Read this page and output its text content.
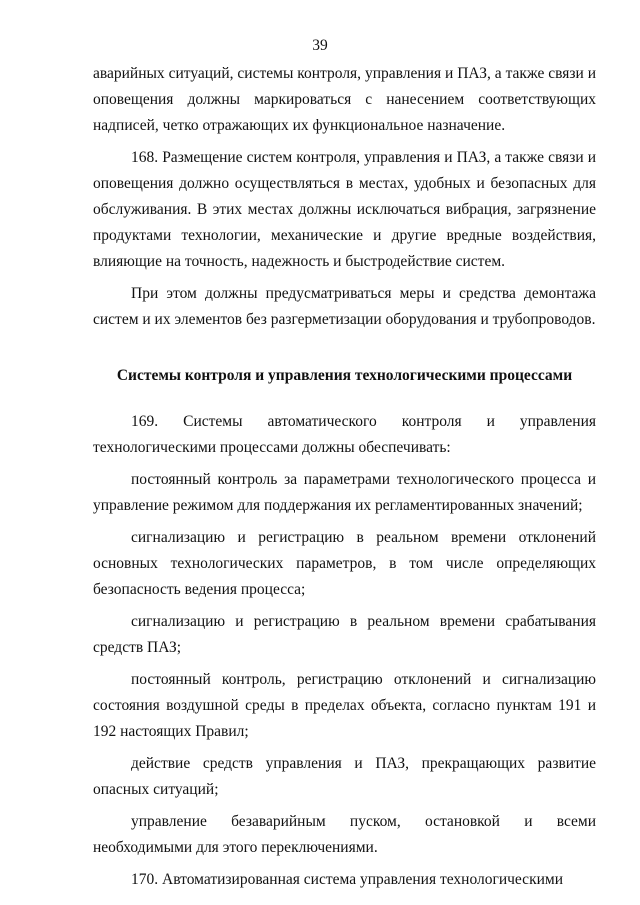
39

аварийных ситуаций, системы контроля, управления и ПАЗ, а также связи и оповещения должны маркироваться с нанесением соответствующих надписей, четко отражающих их функциональное назначение.

168. Размещение систем контроля, управления и ПАЗ, а также связи и оповещения должно осуществляться в местах, удобных и безопасных для обслуживания. В этих местах должны исключаться вибрация, загрязнение продуктами технологии, механические и другие вредные воздействия, влияющие на точность, надежность и быстродействие систем.

При этом должны предусматриваться меры и средства демонтажа систем и их элементов без разгерметизации оборудования и трубопроводов.

Системы контроля и управления технологическими процессами

169. Системы автоматического контроля и управления технологическими процессами должны обеспечивать:

постоянный контроль за параметрами технологического процесса и управление режимом для поддержания их регламентированных значений;

сигнализацию и регистрацию в реальном времени отклонений основных технологических параметров, в том числе определяющих безопасность ведения процесса;

сигнализацию и регистрацию в реальном времени срабатывания средств ПАЗ;

постоянный контроль, регистрацию отклонений и сигнализацию состояния воздушной среды в пределах объекта, согласно пунктам 191 и 192 настоящих Правил;

действие средств управления и ПАЗ, прекращающих развитие опасных ситуаций;

управление безаварийным пуском, остановкой и всеми необходимыми для этого переключениями.

170. Автоматизированная система управления технологическими
